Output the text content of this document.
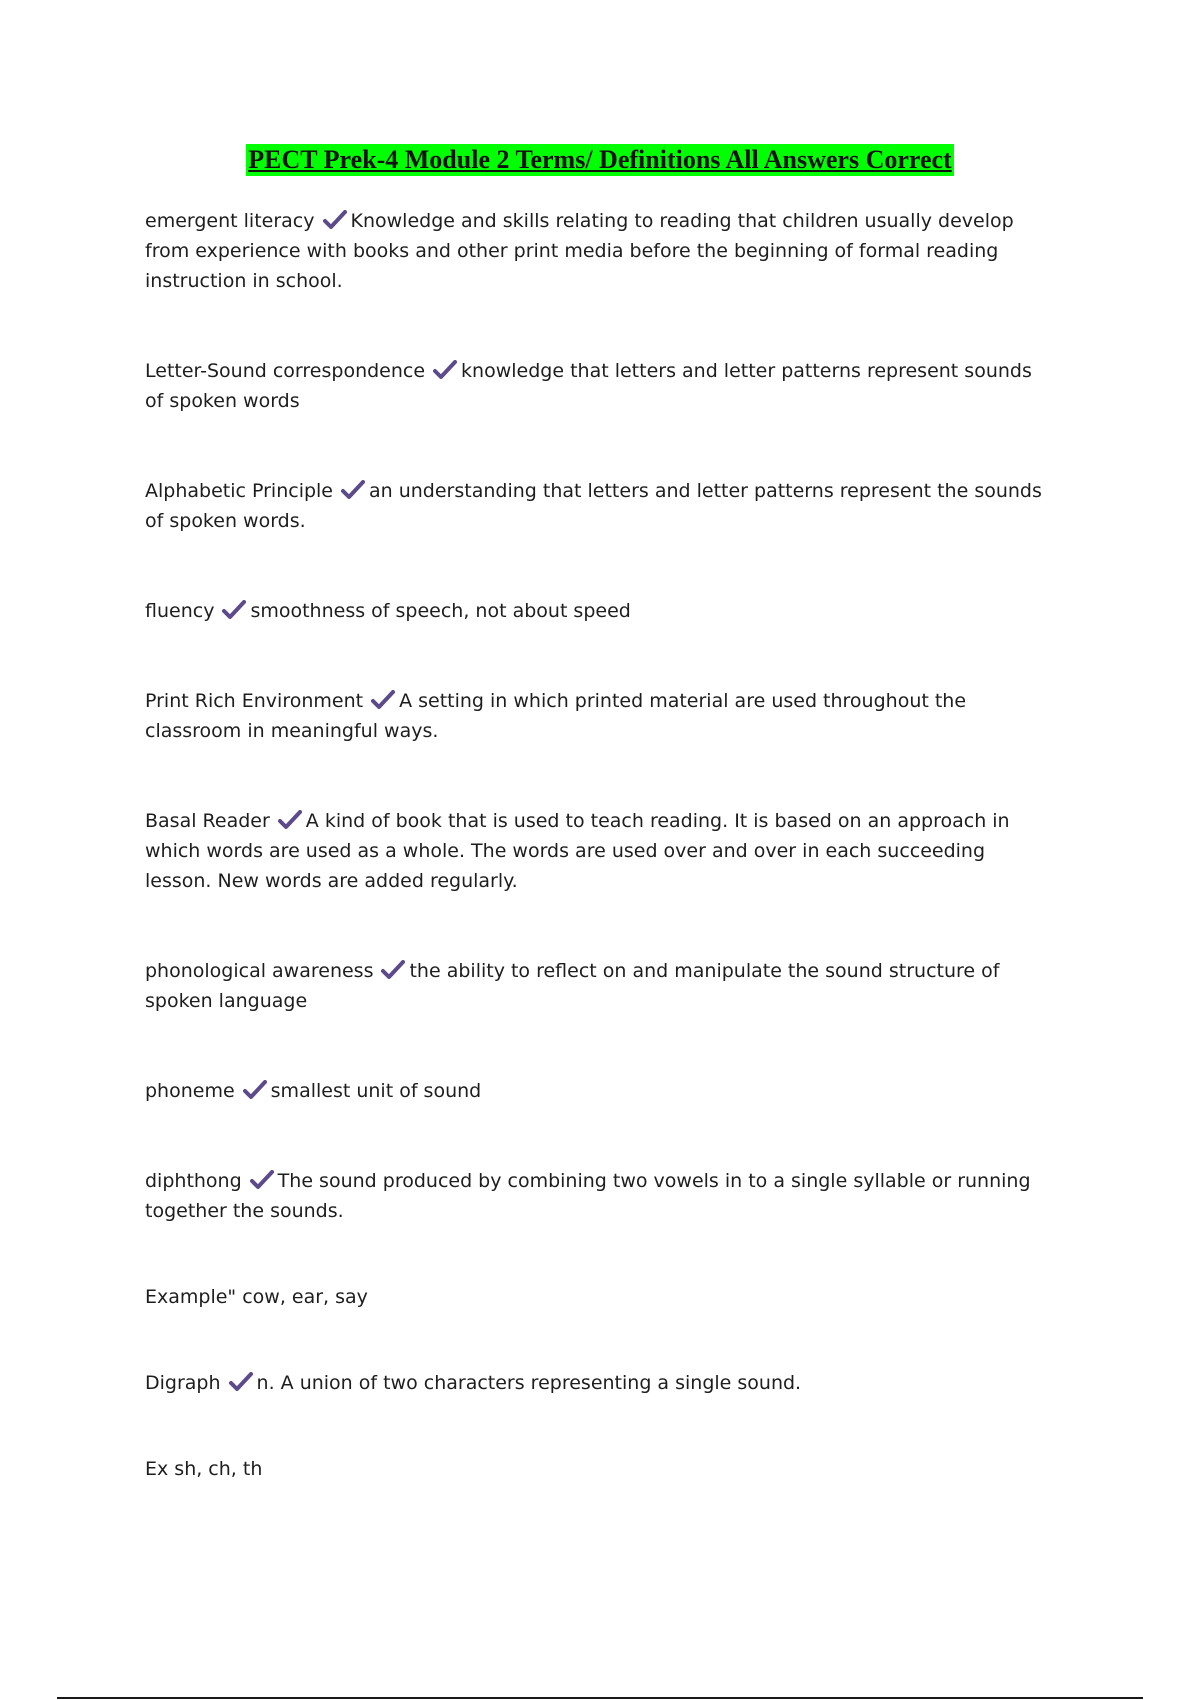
PECT Prek-4 Module 2 Terms/ Definitions All Answers Correct

emergent literacy Knowledge and skills relating to reading that children usually develop from experience with books and other print media before the beginning of formal reading instruction in school.

Letter-Sound correspondence knowledge that letters and letter patterns represent sounds of spoken words

Alphabetic Principle an understanding that letters and letter patterns represent the sounds of spoken words.

fluency smoothness of speech, not about speed

Print Rich Environment A setting in which printed material are used throughout the classroom in meaningful ways.

Basal Reader A kind of book that is used to teach reading. It is based on an approach in which words are used as a whole. The words are used over and over in each succeeding lesson. New words are added regularly.

phonological awareness the ability to reflect on and manipulate the sound structure of spoken language

phoneme smallest unit of sound

diphthong The sound produced by combining two vowels in to a single syllable or running together the sounds.

Example" cow, ear, say

Digraph n. A union of two characters representing a single sound.

Ex sh, ch, th
